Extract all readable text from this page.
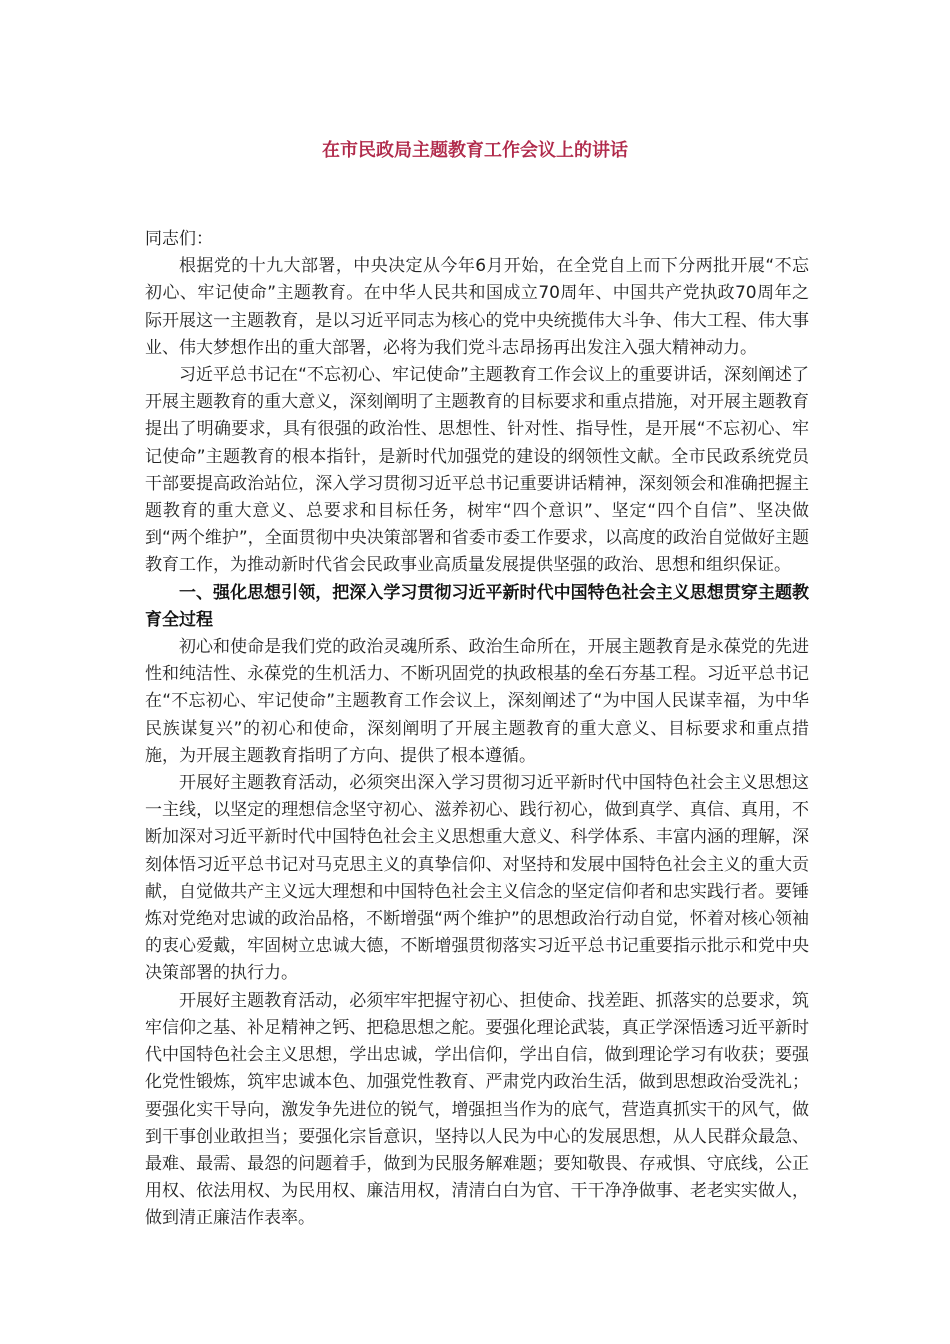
在市民政局主题教育工作会议上的讲话

同志们：

根据党的十九大部署，中央决定从今年6月开始，在全党自上而下分两批开展“不忘初心、牢记使命”主题教育。在中华人民共和国成立70周年、中国共产党执政70周年之际开展这一主题教育，是以习近平同志为核心的党中央统揽伟大斗争、伟大工程、伟大事业、伟大梦想作出的重大部署，必将为我们党斗志昂扬再出发注入强大精神动力。

习近平总书记在“不忘初心、牢记使命”主题教育工作会议上的重要讲话，深刻阐述了开展主题教育的重大意义，深刻阐明了主题教育的目标要求和重点措施，对开展主题教育提出了明确要求，具有很强的政治性、思想性、针对性、指导性，是开展“不忘初心、牢记使命”主题教育的根本指针，是新时代加强党的建设的纲领性文献。全市民政系统党员干部要提高政治站位，深入学习贯彻习近平总书记重要讲话精神，深刻领会和准确把握主题教育的重大意义、总要求和目标任务，树牢“四个意识”、坚定“四个自信”、坚决做到“两个维护”，全面贯彻中央决策部署和省委市委工作要求，以高度的政治自觉做好主题教育工作，为推动新时代省会民政事业高质量发展提供坚强的政治、思想和组织保证。

一、强化思想引领，把深入学习贯彻习近平新时代中国特色社会主义思想贯穿主题教育全过程

初心和使命是我们党的政治灵魂所系、政治生命所在，开展主题教育是永葆党的先进性和纯洁性、永葆党的生机活力、不断巩固党的执政根基的垒石夯基工程。习近平总书记在“不忘初心、牢记使命”主题教育工作会议上，深刻阐述了“为中国人民谋幸福，为中华民族谋复兴”的初心和使命，深刻阐明了开展主题教育的重大意义、目标要求和重点措施，为开展主题教育指明了方向、提供了根本遵循。

开展好主题教育活动，必须突出深入学习贯彻习近平新时代中国特色社会主义思想这一主线，以坚定的理想信念坚守初心、滋养初心、践行初心，做到真学、真信、真用，不断加深对习近平新时代中国特色社会主义思想重大意义、科学体系、丰富内涵的理解，深刻体悟习近平总书记对马克思主义的真挚信仰、对坚持和发展中国特色社会主义的重大贡献，自觉做共产主义远大理想和中国特色社会主义信念的坚定信仰者和忠实践行者。要锤炼对党绝对忠诚的政治品格，不断增强“两个维护”的思想政治行动自觉，怀着对核心领袖的衷心爱戴，牢固树立忠诚大德，不断增强贯彻落实习近平总书记重要指示批示和党中央决策部署的执行力。

开展好主题教育活动，必须牢牢把握守初心、担使命、找差距、抓落实的总要求，筑牢信仰之基、补足精神之钙、把稳思想之舵。要强化理论武装，真正学深悟透习近平新时代中国特色社会主义思想，学出忠诚，学出信仰，学出自信，做到理论学习有收获；要强化党性锻炼，筑牢忠诚本色、加强党性教育、严肃党内政治生活，做到思想政治受洗礼；要强化实干导向，激发争先进位的锐气，增强担当作为的底气，营造真抓实干的风气，做到干事创业敢担当；要强化宗旨意识，坚持以人民为中心的发展思想，从人民群众最急、最难、最需、最怨的问题着手，做到为民服务解难题；要知敬畏、存戒惧、守底线，公正用权、依法用权、为民用权、廉洁用权，清清白白为官、干干净净做事、老老实实做人，做到清正廉洁作表率。
